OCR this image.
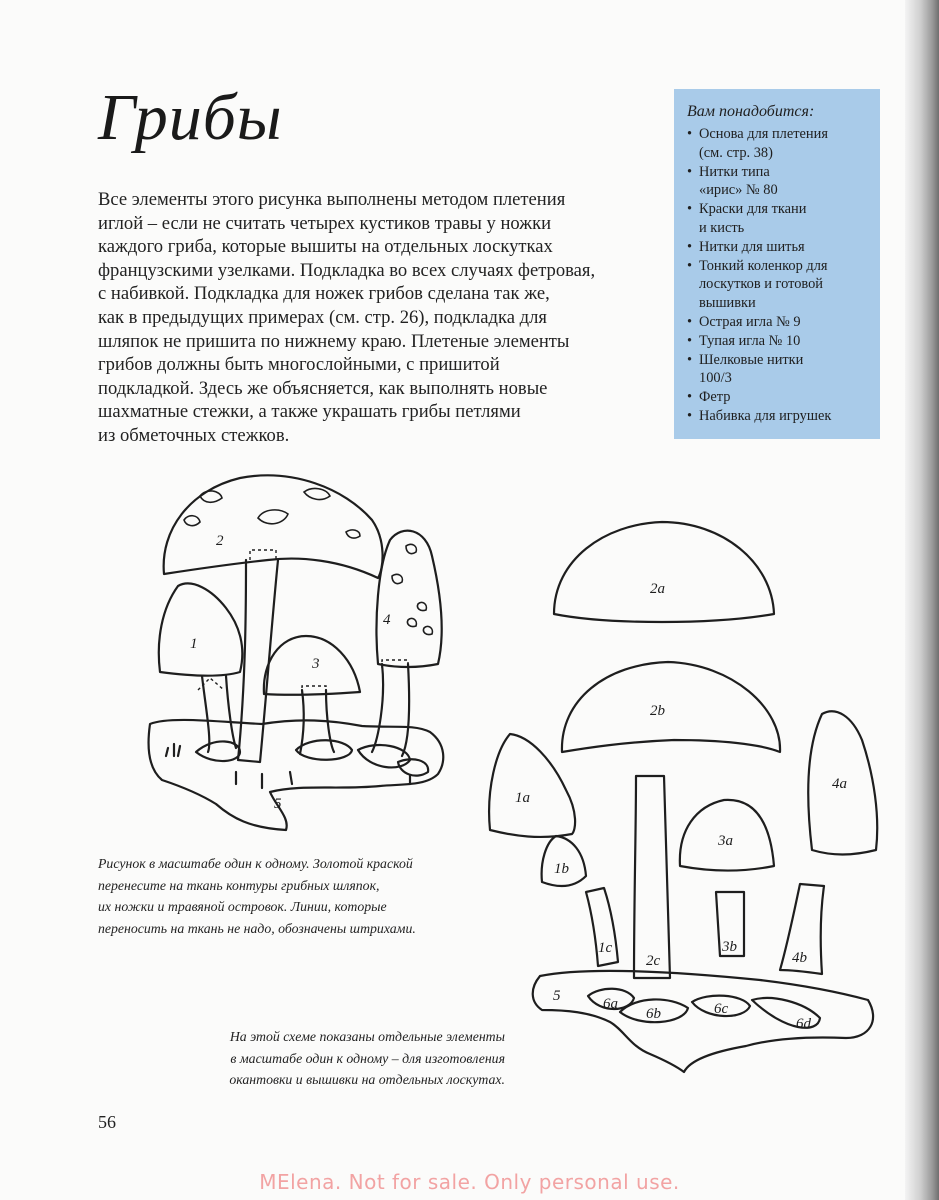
Грибы
Все элементы этого рисунка выполнены методом плетения
иглой – если не считать четырех кустиков травы у ножки
каждого гриба, которые вышиты на отдельных лоскутках
французскими узелками. Подкладка во всех случаях фетровая,
с набивкой. Подкладка для ножек грибов сделана так же,
как в предыдущих примерах (см. стр. 26), подкладка для
шляпок не пришита по нижнему краю. Плетеные элементы
грибов должны быть многослойными, с пришитой
подкладкой. Здесь же объясняется, как выполнять новые
шахматные стежки, а также украшать грибы петлями
из обметочных стежков.
Вам понадобится:
• Основа для плетения
(см. стр. 38)
• Нитки типа
«ирис» № 80
• Краски для ткани
и кисть
• Нитки для шитья
• Тонкий коленкор для
лоскутков и готовой
вышивки
• Острая игла № 9
• Тупая игла № 10
• Шелковые нитки
100/3
• Фетр
• Набивка для игрушек
2
1
3
4
5
2a
2b
1a
4a
3a
1b
1c
2c
3b
4b
5	6a
6b	6c
6d
Рисунок в масштабе один к одному. Золотой краской
перенесите на ткань контуры грибных шляпок,
их ножки и травяной островок. Линии, которые
переносить на ткань не надо, обозначены штрихами.
На этой схеме показаны отдельные элементы
в масштабе один к одному – для изготовления
окантовки и вышивки на отдельных лоскутах.
56
MElena. Not for sale. Only personal use.
